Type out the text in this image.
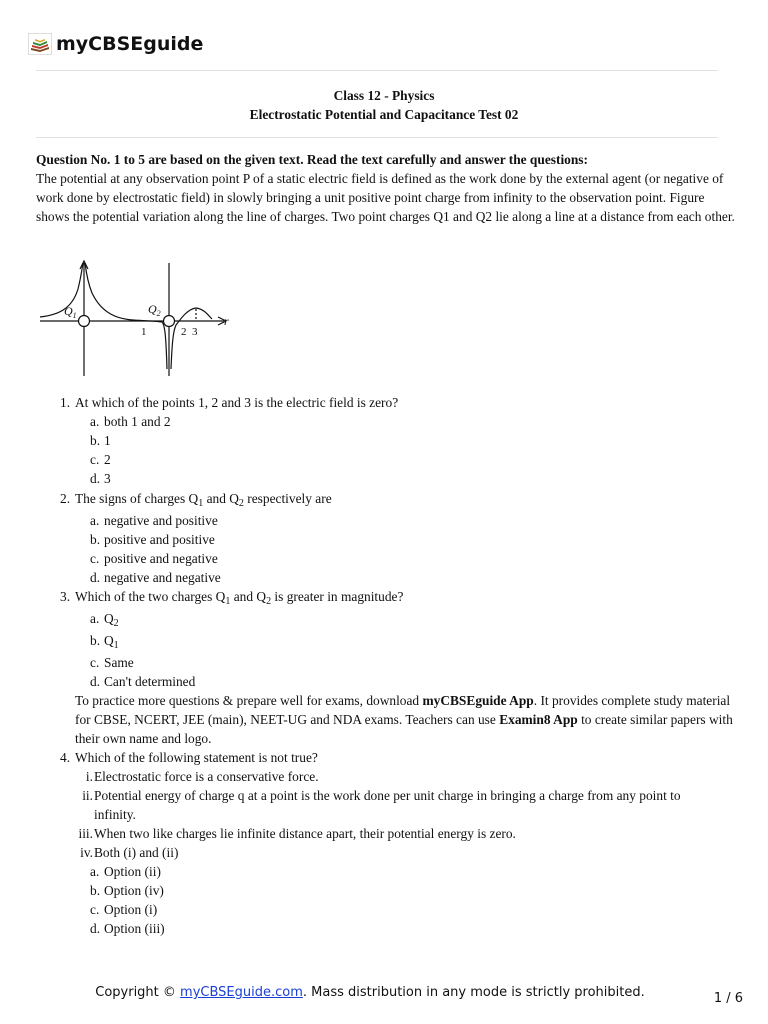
myCBSEguide
Class 12 - Physics
Electrostatic Potential and Capacitance Test 02
Question No. 1 to 5 are based on the given text. Read the text carefully and answer the questions:
The potential at any observation point P of a static electric field is defined as the work done by the external agent (or negative of work done by electrostatic field) in slowly bringing a unit positive point charge from infinity to the observation point. Figure shows the potential variation along the line of charges. Two point charges Q1 and Q2 lie along a line at a distance from each other.
$Q_1$	$Q_2$
r
1	2 3
1. At which of the points 1, 2 and 3 is the electric field is zero?
a. both 1 and 2
b. 1
c. 2
d. 3
2. The signs of charges $Q_1$ and $Q_2$ respectively are
a. negative and positive
b. positive and positive
c. positive and negative
d. negative and negative
3. Which of the two charges $Q_1$ and $Q_2$ is greater in magnitude?
a. $Q_2$
b. $Q_1$
c. Same
d. Can't determined
To practice more questions & prepare well for exams, download myCBSEguide App. It provides complete study material for CBSE, NCERT, JEE (main), NEET-UG and NDA exams. Teachers can use Examin8 App to create similar papers with their own name and logo.
4. Which of the following statement is not true?
i. Electrostatic force is a conservative force.
ii. Potential energy of charge q at a point is the work done per unit charge in bringing a charge from any point to infinity.
iii. When two like charges lie infinite distance apart, their potential energy is zero.
iv. Both (i) and (ii)
a. Option (ii)
b. Option (iv)
c. Option (i)
d. Option (iii)
Copyright © myCBSEguide.com. Mass distribution in any mode is strictly prohibited.	1 / 6
